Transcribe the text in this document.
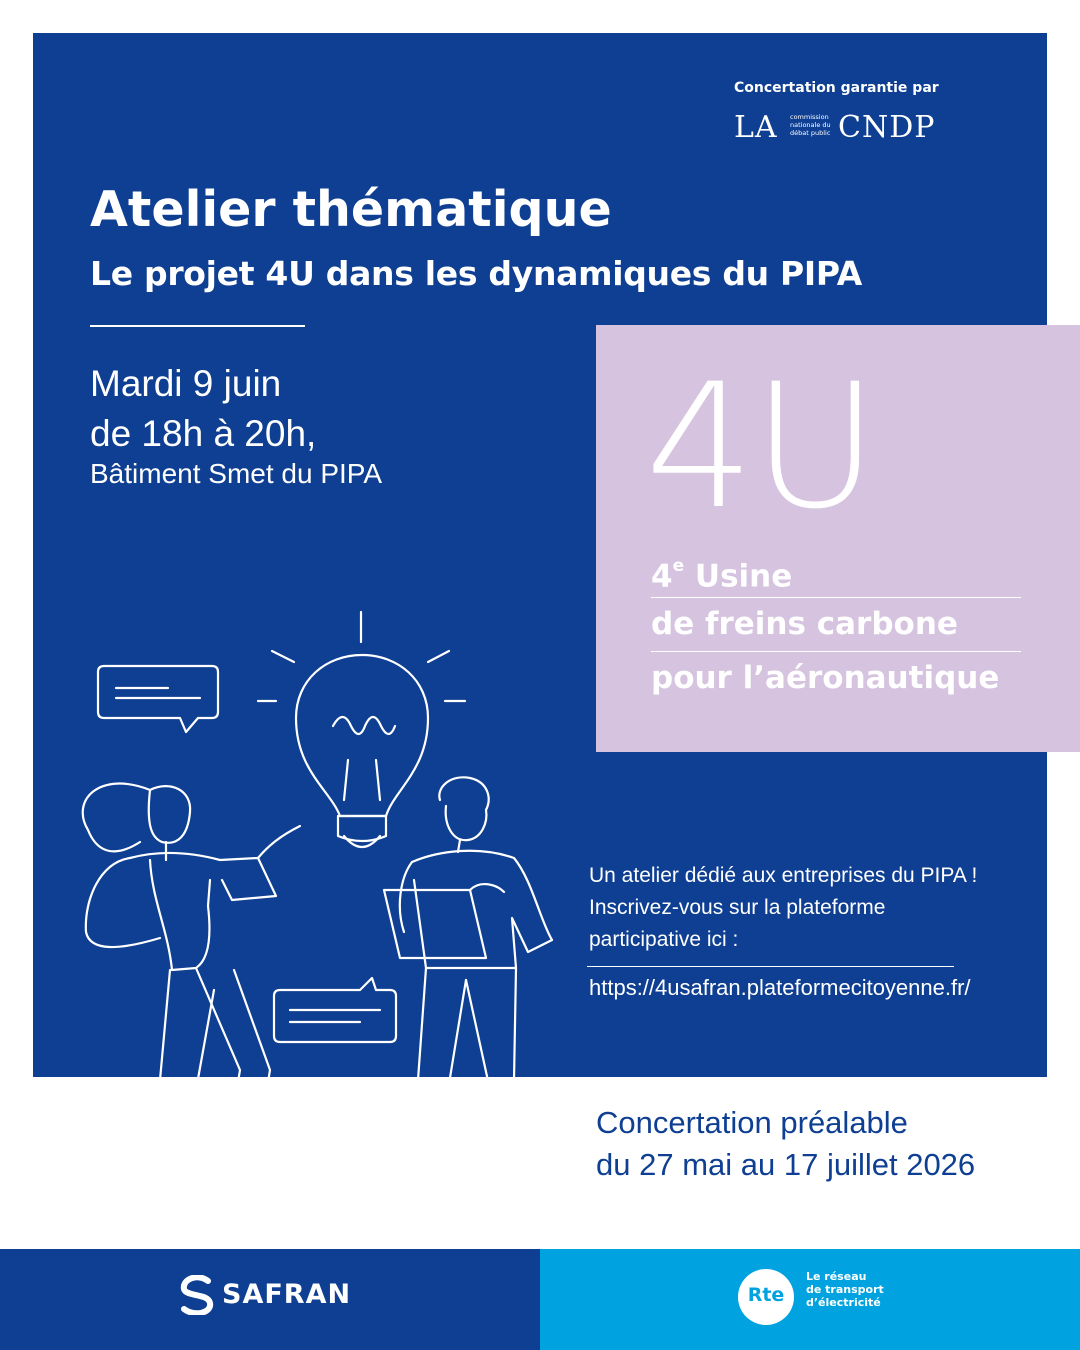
Concertation garantie par
LA commission nationale du débat public CNDP
Atelier thématique
Le projet 4U dans les dynamiques du PIPA
Mardi 9 juin
de 18h à 20h,
Bâtiment Smet du PIPA 4U
4e Usine
de freins carbone
pour l’aéronautique
Un atelier dédié aux entreprises du PIPA !
Inscrivez-vous sur la plateforme
participative ici :
https://4usafran.plateformecitoyenne.fr/
Concertation préalable
du 27 mai au 17 juillet 2026
SAFRAN	Rte
Le réseau
de transport
d’électricité
